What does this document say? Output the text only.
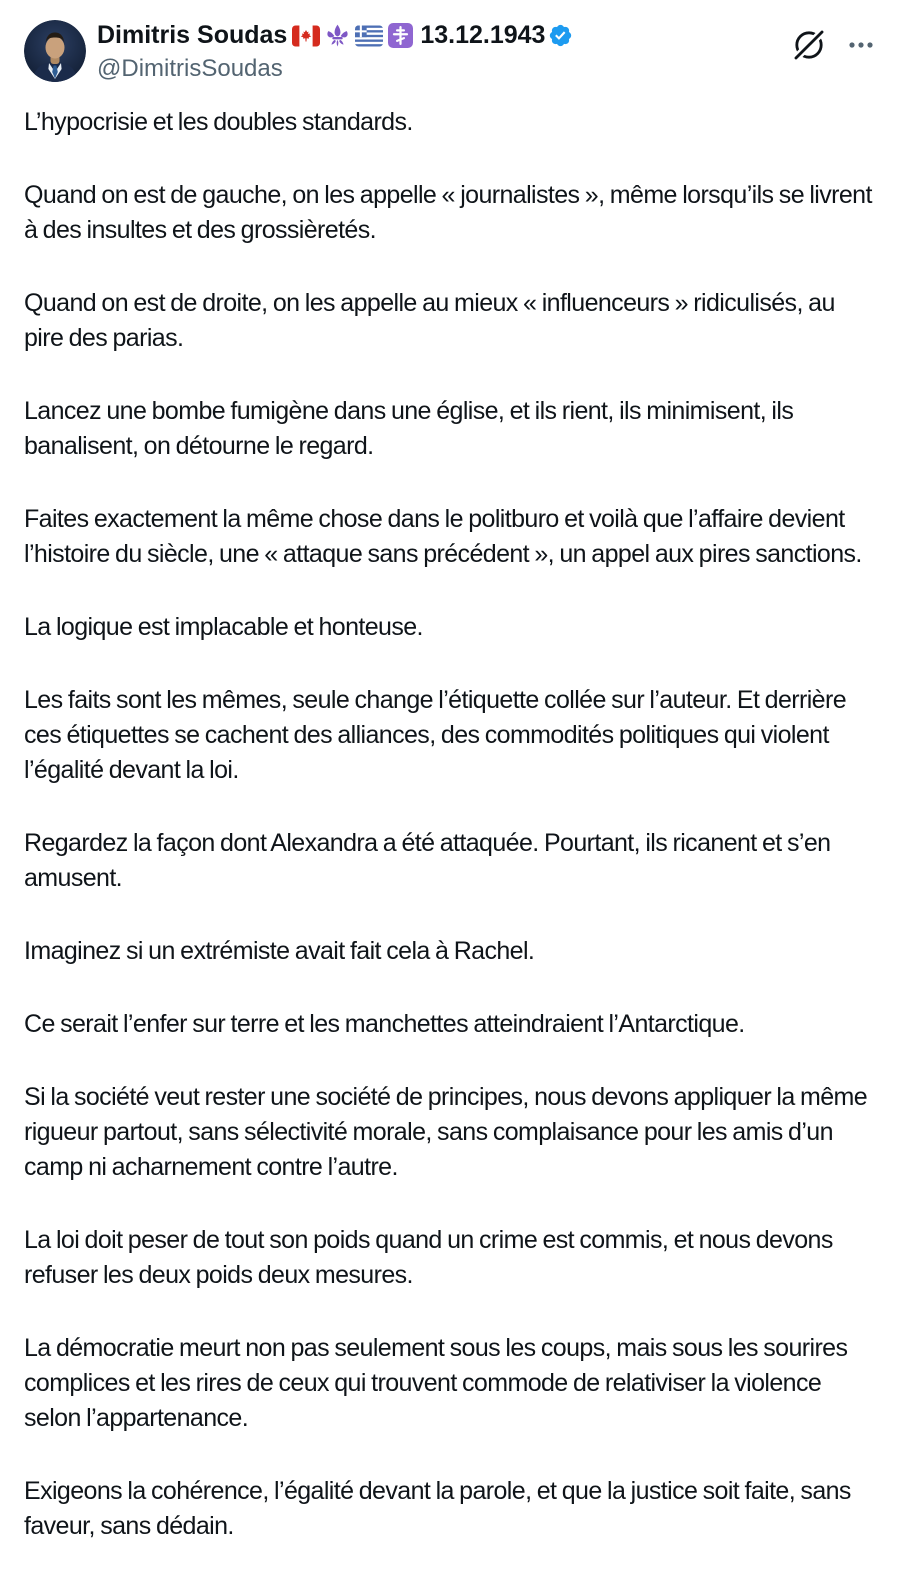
Dimitris Soudas	13.12.1943
@DimitrisSoudas

L’hypocrisie et les doubles standards.

Quand on est de gauche, on les appelle « journalistes », même lorsqu’ils se livrent à des insultes et des grossièretés.

Quand on est de droite, on les appelle au mieux « influenceurs » ridiculisés, au pire des parias.

Lancez une bombe fumigène dans une église, et ils rient, ils minimisent, ils banalisent, on détourne le regard.

Faites exactement la même chose dans le politburo et voilà que l’affaire devient l’histoire du siècle, une « attaque sans précédent », un appel aux pires sanctions.

La logique est implacable et honteuse.

Les faits sont les mêmes, seule change l’étiquette collée sur l’auteur. Et derrière ces étiquettes se cachent des alliances, des commodités politiques qui violent l’égalité devant la loi.

Regardez la façon dont Alexandra a été attaquée. Pourtant, ils ricanent et s’en amusent.

Imaginez si un extrémiste avait fait cela à Rachel.

Ce serait l’enfer sur terre et les manchettes atteindraient l’Antarctique.

Si la société veut rester une société de principes, nous devons appliquer la même rigueur partout, sans sélectivité morale, sans complaisance pour les amis d’un camp ni acharnement contre l’autre.

La loi doit peser de tout son poids quand un crime est commis, et nous devons refuser les deux poids deux mesures.

La démocratie meurt non pas seulement sous les coups, mais sous les sourires complices et les rires de ceux qui trouvent commode de relativiser la violence selon l’appartenance.

Exigeons la cohérence, l’égalité devant la parole, et que la justice soit faite, sans faveur, sans dédain.
